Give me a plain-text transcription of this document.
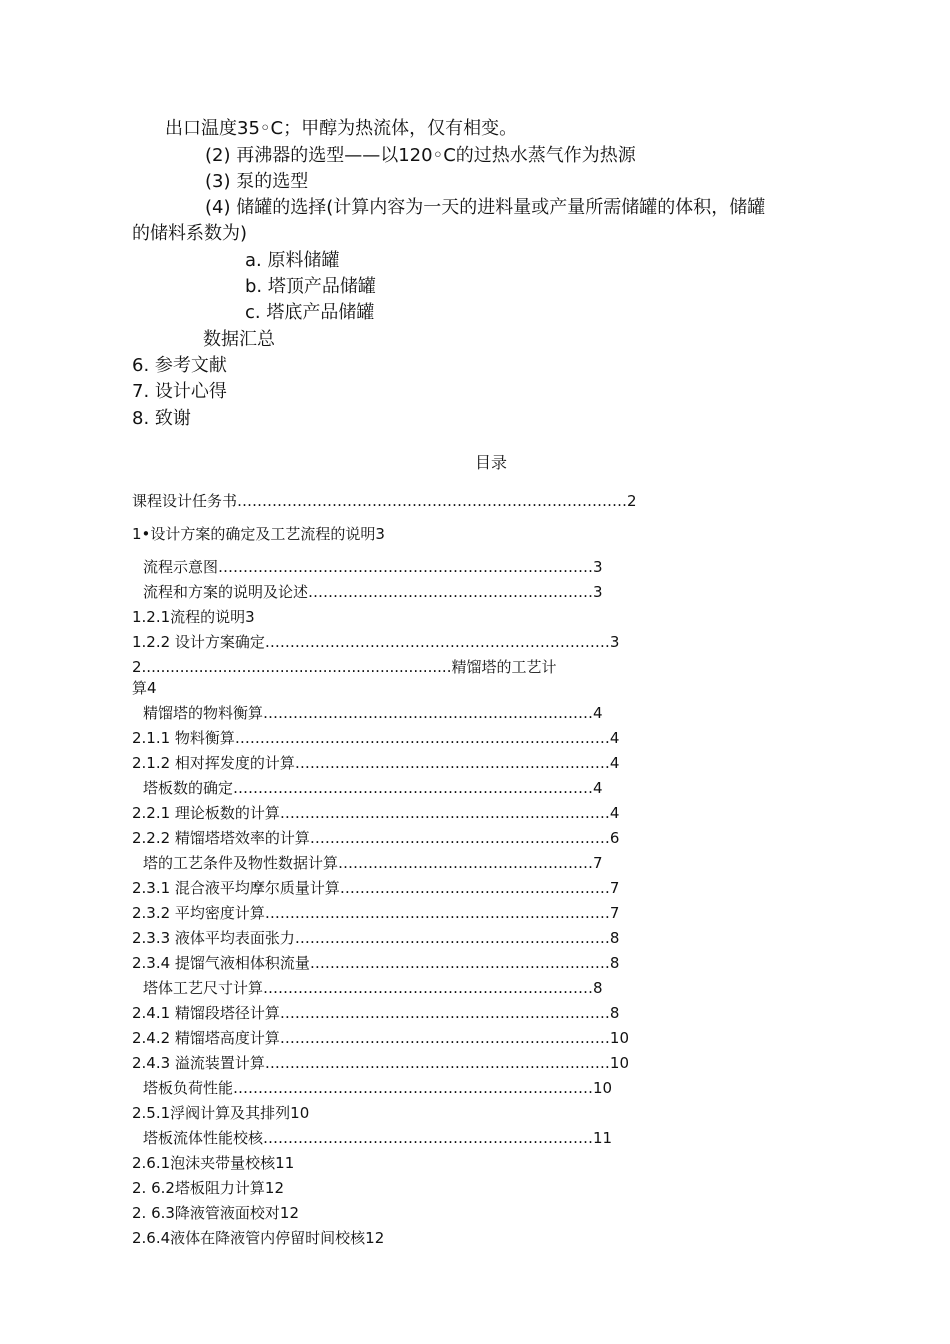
出口温度35◦C；甲醇为热流体，仅有相变。
(2) 再沸器的选型——以120◦C的过热水蒸气作为热源
(3) 泵的选型
(4) 储罐的选择(计算内容为一天的进料量或产量所需储罐的体积，储罐
的储料系数为)
a. 原料储罐
b. 塔顶产品储罐
c. 塔底产品储罐
数据汇总
6. 参考文献
7. 设计心得
8. 致谢
目录
课程设计任务书……………………………………………………………………2
1•设计方案的确定及工艺流程的说明3
流程示意图…………………………………………………………………3
流程和方案的说明及论述…………………………………………………3
1.2.1流程的说明3
1.2.2 设计方案确定……………………………………………………………3
2.................................................................精馏塔的工艺计
算4
精馏塔的物料衡算…………………………………………………………4
2.1.1 物料衡算…………………………………………………………………4
2.1.2 相对挥发度的计算………………………………………………………4
塔板数的确定………………………………………………………………4
2.2.1 理论板数的计算…………………………………………………………4
2.2.2 精馏塔塔效率的计算……………………………………………………6
塔的工艺条件及物性数据计算……………………………………………7
2.3.1 混合液平均摩尔质量计算………………………………………………7
2.3.2 平均密度计算……………………………………………………………7
2.3.3 液体平均表面张力………………………………………………………8
2.3.4 提馏气液相体积流量……………………………………………………8
塔体工艺尺寸计算…………………………………………………………8
2.4.1 精馏段塔径计算…………………………………………………………8
2.4.2 精馏塔高度计算…………………………………………………………10
2.4.3 溢流装置计算……………………………………………………………10
塔板负荷性能………………………………………………………………10
2.5.1浮阀计算及其排列10
塔板流体性能校核…………………………………………………………11
2.6.1泡沫夹带量校核11
2. 6.2塔板阻力计算12
2. 6.3降液管液面校对12
2.6.4液体在降液管内停留时间校核12
